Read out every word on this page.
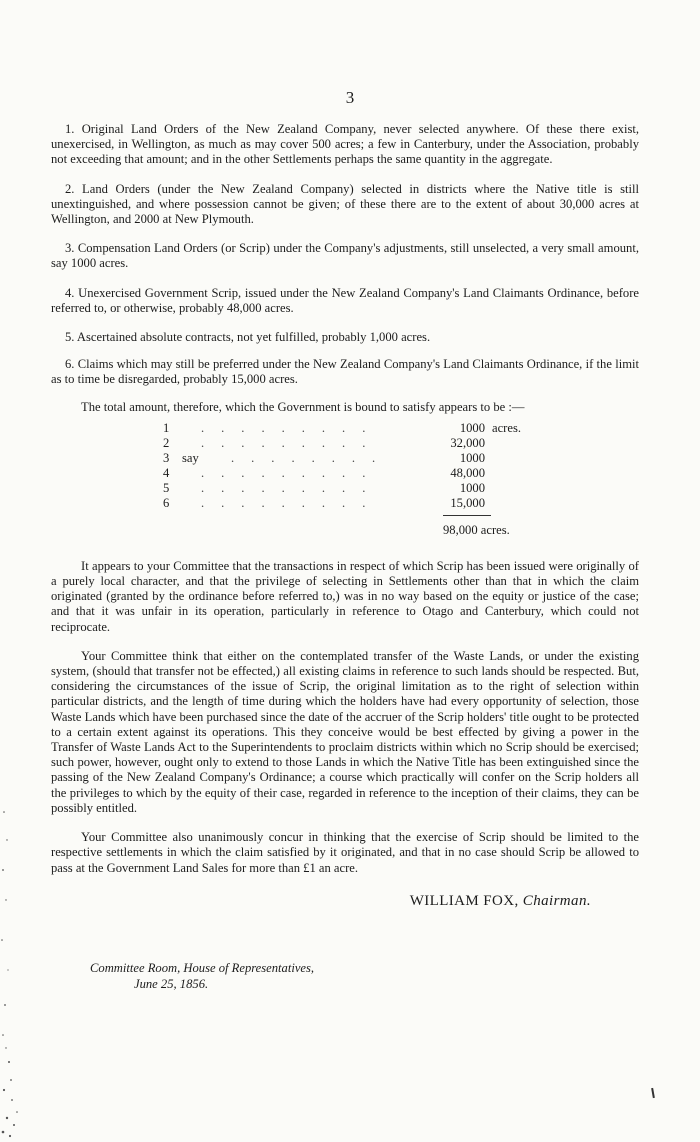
3

1. Original Land Orders of the New Zealand Company, never selected anywhere. Of these there exist, unexercised, in Wellington, as much as may cover 500 acres; a few in Canterbury, under the Association, probably not exceeding that amount; and in the other Settlements perhaps the same quantity in the aggregate.

2. Land Orders (under the New Zealand Company) selected in districts where the Native title is still unextinguished, and where possession cannot be given; of these there are to the extent of about 30,000 acres at Wellington, and 2000 at New Plymouth.

3. Compensation Land Orders (or Scrip) under the Company's adjustments, still unselected, a very small amount, say 1000 acres.

4. Unexercised Government Scrip, issued under the New Zealand Company's Land Claimants Ordinance, before referred to, or otherwise, probably 48,000 acres.

5. Ascertained absolute contracts, not yet fulfilled, probably 1,000 acres.

6. Claims which may still be preferred under the New Zealand Company's Land Claimants Ordinance, if the limit as to time be disregarded, probably 15,000 acres.

The total amount, therefore, which the Government is bound to satisfy appears to be :—

1	.........	1000 acres.
2	.........	32,000
3	say	........	1000
4	.........	48,000
5	.........	1000
6	.........	15,000
98,000 acres.

It appears to your Committee that the transactions in respect of which Scrip has been issued were originally of a purely local character, and that the privilege of selecting in Settlements other than that in which the claim originated (granted by the ordinance before referred to,) was in no way based on the equity or justice of the case; and that it was unfair in its operation, particularly in reference to Otago and Canterbury, which could not reciprocate.

Your Committee think that either on the contemplated transfer of the Waste Lands, or under the existing system, (should that transfer not be effected,) all existing claims in reference to such lands should be respected. But, considering the circumstances of the issue of Scrip, the original limitation as to the right of selection within particular districts, and the length of time during which the holders have had every opportunity of selection, those Waste Lands which have been purchased since the date of the accruer of the Scrip holders' title ought to be protected to a certain extent against its operations. This they conceive would be best effected by giving a power in the Transfer of Waste Lands Act to the Superintendents to proclaim districts within which no Scrip should be exercised; such power, however, ought only to extend to those Lands in which the Native Title has been extinguished since the passing of the New Zealand Company's Ordinance; a course which practically will confer on the Scrip holders all the privileges to which by the equity of their case, regarded in reference to the inception of their claims, they can be possibly entitled.

Your Committee also unanimously concur in thinking that the exercise of Scrip should be limited to the respective settlements in which the claim satisfied by it originated, and that in no case should Scrip be allowed to pass at the Government Land Sales for more than £1 an acre.

WILLIAM FOX, Chairman.
Committee Room, House of Representatives,
June 25, 1856.
